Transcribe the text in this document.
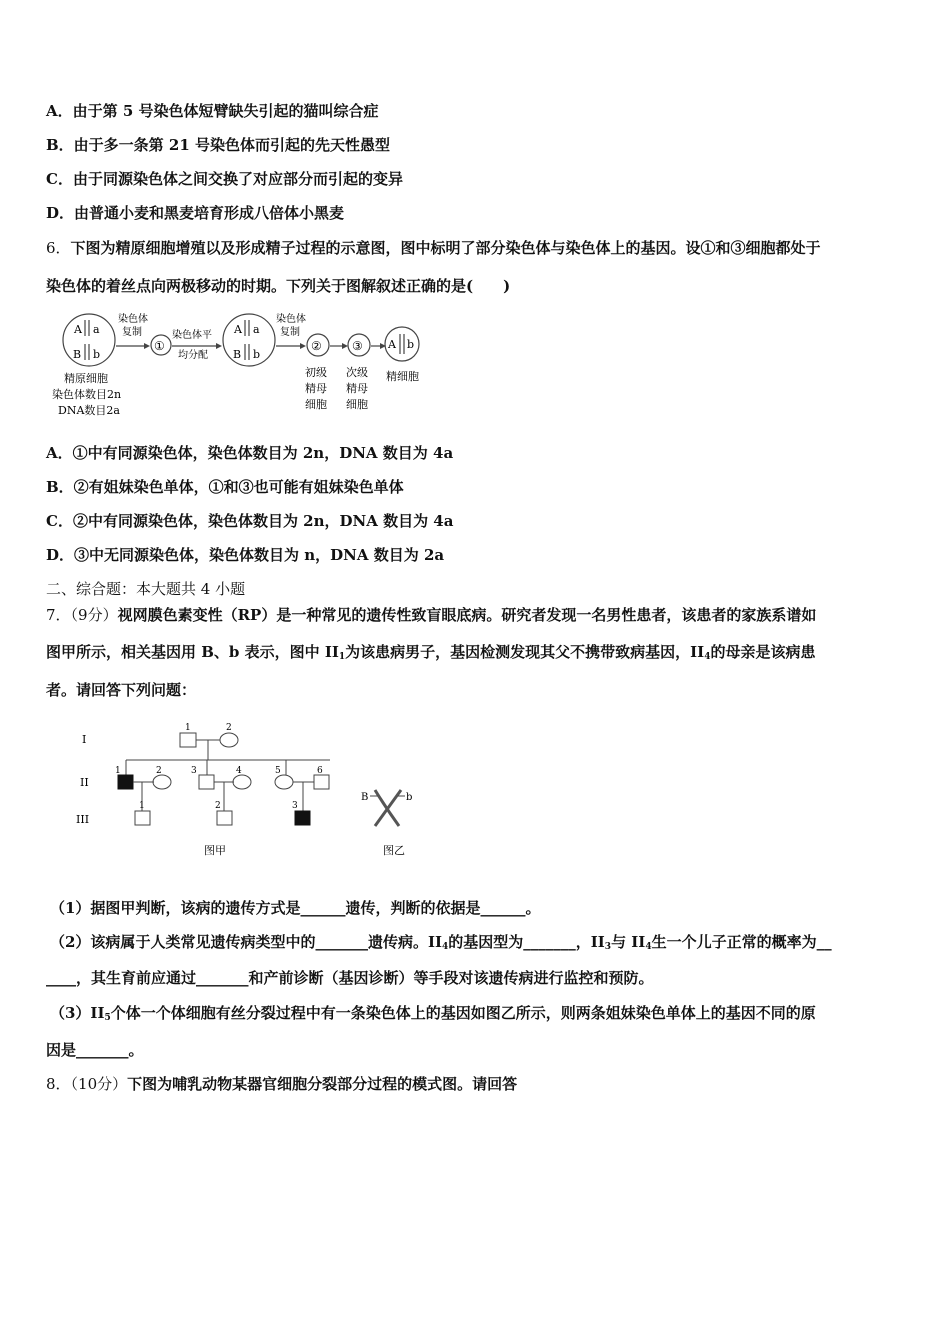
A．由于第 5 号染色体短臂缺失引起的猫叫综合症
B．由于多一条第 21 号染色体而引起的先天性愚型
C．由于同源染色体之间交换了对应部分而引起的变异
D．由普通小麦和黑麦培育形成八倍体小黑麦
6．下图为精原细胞增殖以及形成精子过程的示意图，图中标明了部分染色体与染色体上的基因。设①和③细胞都处于
染色体的着丝点向两极移动的时期。下列关于图解叙述正确的是(　　)
A a
B b
染色体
复制
①
染色体平
均分配
A a
B b
染色体
复制
②	③ A b
精原细胞
染色体数目2n
DNA数目2a
初级
精母
细胞
次级
精母
细胞
精细胞
A．①中有同源染色体，染色体数目为 2n，DNA 数目为 4a
B．②有姐妹染色单体，①和③也可能有姐妹染色单体
C．②中有同源染色体，染色体数目为 2n，DNA 数目为 4a
D．③中无同源染色体，染色体数目为 n，DNA 数目为 2a
二、综合题：本大题共 4 小题
7．（9分）视网膜色素变性（RP）是一种常见的遗传性致盲眼底病。研究者发现一名男性患者，该患者的家族系谱如
图甲所示，相关基因用 B、b 表示，图中 $II_1$为该患病男子，基因检测发现其父不携带致病基因，$II_4$的母亲是该病患
者。请回答下列问题：
I
II
III
1	2
1	2	3	4	5	6
1	2	3
图甲
B	b
图乙
（1）据图甲判断，该病的遗传方式是______遗传，判断的依据是______。
（2）该病属于人类常见遗传病类型中的_______遗传病。$II_4$的基因型为_______，$II_3$与 $II_4$生一个儿子正常的概率为__
____，其生育前应通过_______和产前诊断（基因诊断）等手段对该遗传病进行监控和预防。
$(3)II_5$个体一个体细胞有丝分裂过程中有一条染色体上的基因如图乙所示，则两条姐妹染色单体上的基因不同的原
因是_______。
8．（10分）下图为哺乳动物某器官细胞分裂部分过程的模式图。请回答
